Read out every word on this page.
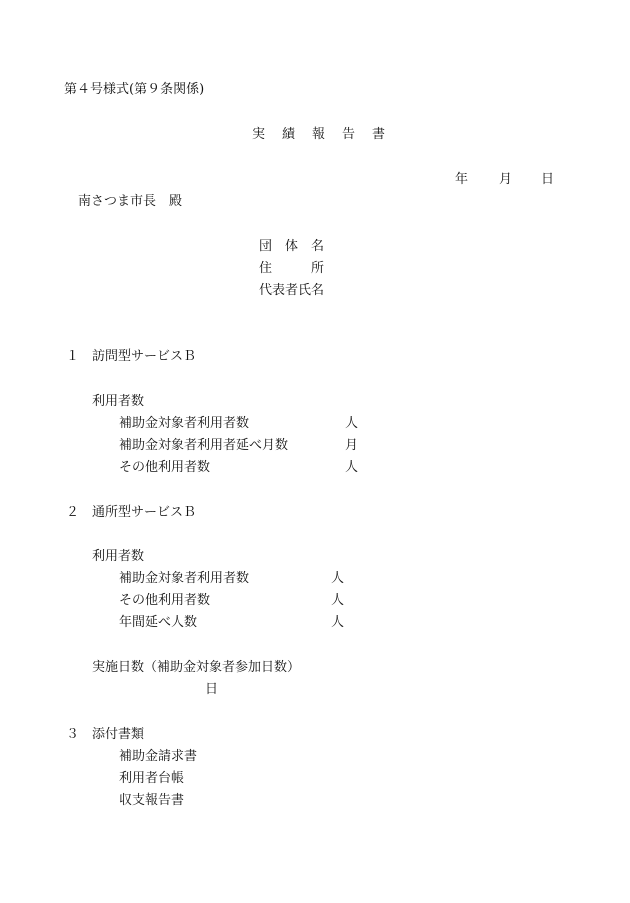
第４号様式(第９条関係)
実　績　報　告　書
年 月 日
南さつま市長　殿
団　体　名
住　　　所
代表者氏名
１　訪問型サービスＢ
利用者数
補助金対象者利用者数	人
補助金対象者利用者延べ月数	月
その他利用者数	人
２　通所型サービスＢ
利用者数
補助金対象者利用者数	人
その他利用者数	人
年間延べ人数	人
実施日数（補助金対象者参加日数）
日
３　添付書類
補助金請求書
利用者台帳
収支報告書
